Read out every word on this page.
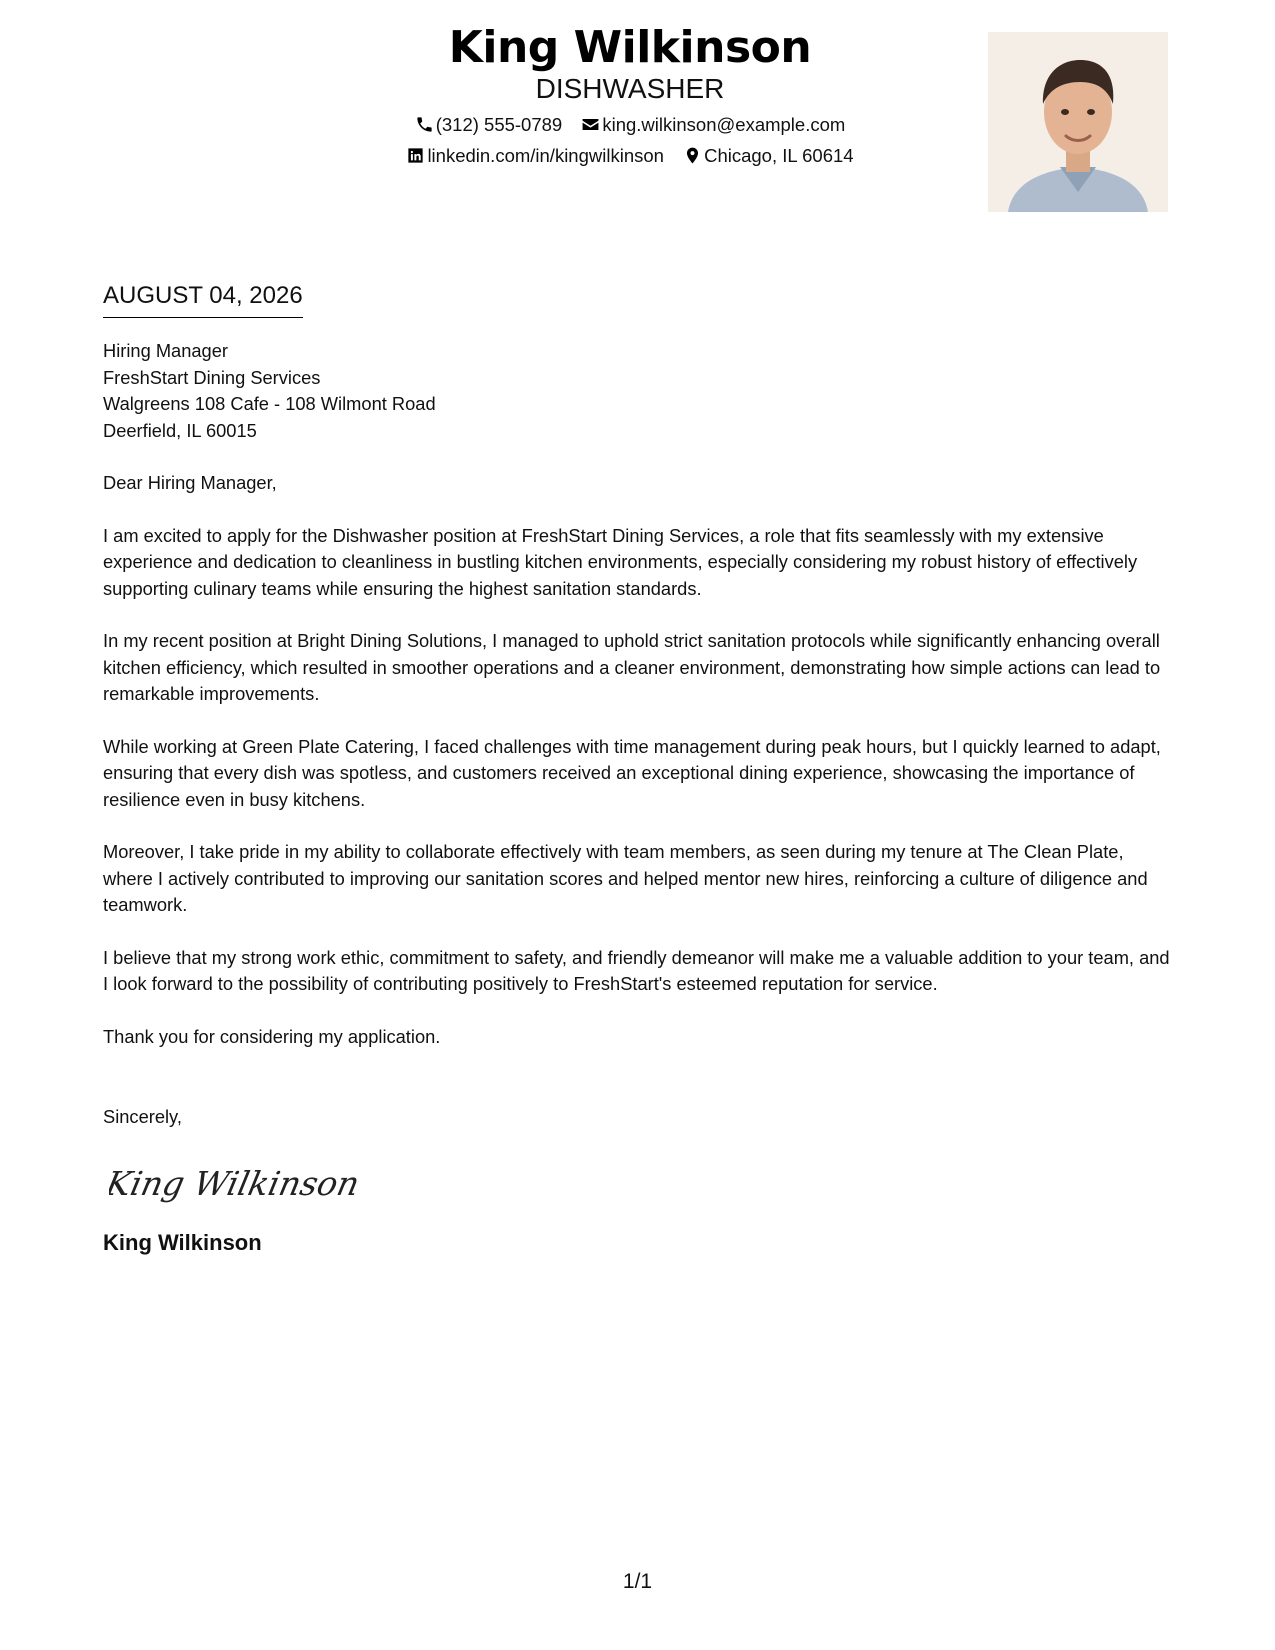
King Wilkinson
DISHWASHER
(312) 555-0789 king.wilkinson@example.com
linkedin.com/in/kingwilkinson Chicago, IL 60614
AUGUST 04, 2026
Hiring Manager
FreshStart Dining Services
Walgreens 108 Cafe - 108 Wilmont Road
Deerfield, IL 60015

Dear Hiring Manager,

I am excited to apply for the Dishwasher position at FreshStart Dining Services, a role that fits seamlessly with my extensive experience and dedication to cleanliness in bustling kitchen environments, especially considering my robust history of effectively supporting culinary teams while ensuring the highest sanitation standards.

In my recent position at Bright Dining Solutions, I managed to uphold strict sanitation protocols while significantly enhancing overall kitchen efficiency, which resulted in smoother operations and a cleaner environment, demonstrating how simple actions can lead to remarkable improvements.

While working at Green Plate Catering, I faced challenges with time management during peak hours, but I quickly learned to adapt, ensuring that every dish was spotless, and customers received an exceptional dining experience, showcasing the importance of resilience even in busy kitchens.

Moreover, I take pride in my ability to collaborate effectively with team members, as seen during my tenure at The Clean Plate, where I actively contributed to improving our sanitation scores and helped mentor new hires, reinforcing a culture of diligence and teamwork.

I believe that my strong work ethic, commitment to safety, and friendly demeanor will make me a valuable addition to your team, and I look forward to the possibility of contributing positively to FreshStart's esteemed reputation for service.

Thank you for considering my application.

Sincerely,

King Wilkinson
King Wilkinson
1/1
